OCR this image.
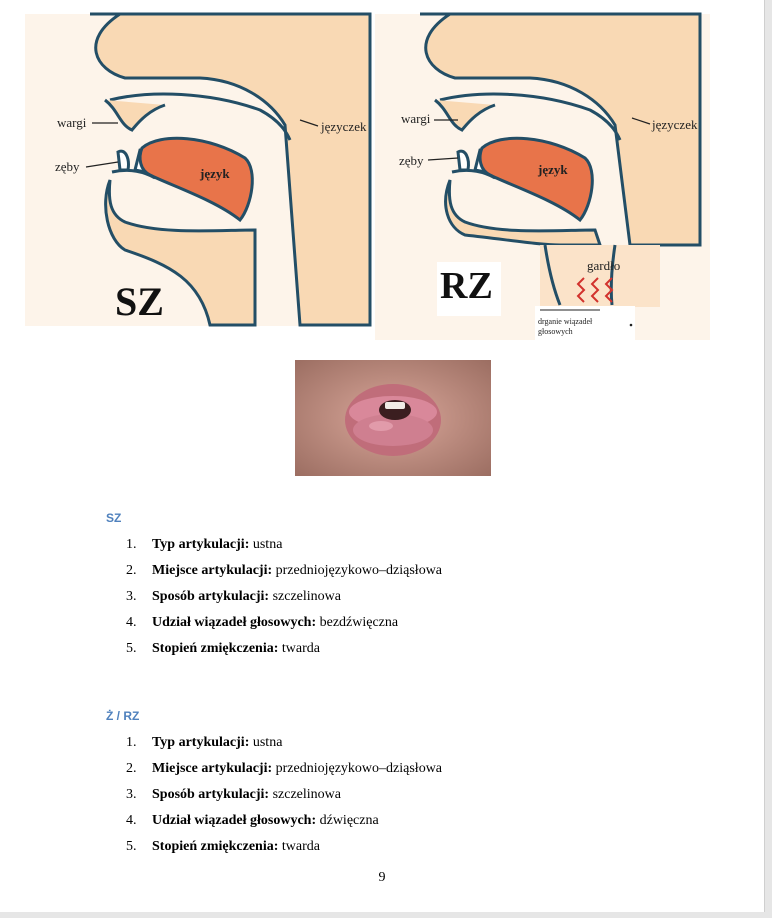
wargi
zęby	język
języczek
SZ
wargi
zęby
język
języczek
gardło
drganie wiązadeł głosowych
RZ
SZ
1. Typ artykulacji: ustna
2. Miejsce artykulacji: przedniojęzykowo–dziąsłowa
3. Sposób artykulacji: szczelinowa
4. Udział wiązadeł głosowych: bezdźwięczna
5. Stopień zmiękczenia: twarda
Ż / RZ
1. Typ artykulacji: ustna
2. Miejsce artykulacji: przedniojęzykowo–dziąsłowa
3. Sposób artykulacji: szczelinowa
4. Udział wiązadeł głosowych: dźwięczna
5. Stopień zmiękczenia: twarda
9
